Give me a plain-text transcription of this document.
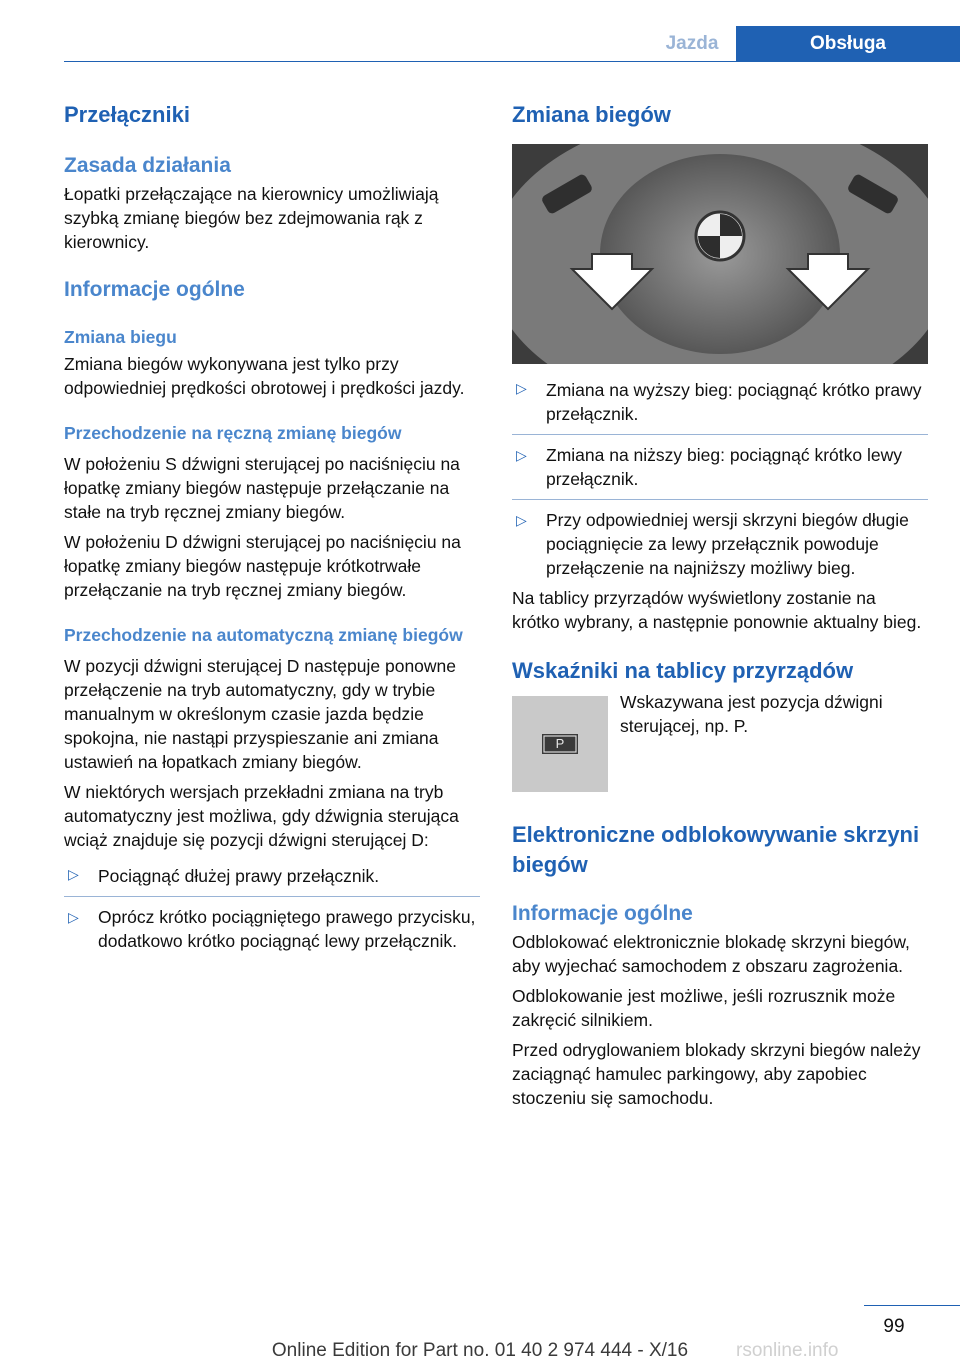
Jazda	Obsługa
Przełączniki
Zasada działania

Łopatki przełączające na kierownicy umożliwiają szybką zmianę biegów bez zdejmowania rąk z kierownicy.

Informacje ogólne
Zmiana biegu

Zmiana biegów wykonywana jest tylko przy odpowiedniej prędkości obrotowej i prędkości jazdy.

Przechodzenie na ręczną zmianę biegów

W położeniu S dźwigni sterującej po naciśnięciu na łopatkę zmiany biegów następuje przełączanie na stałe na tryb ręcznej zmiany biegów.

W położeniu D dźwigni sterującej po naciśnięciu na łopatkę zmiany biegów następuje krótkotrwałe przełączanie na tryb ręcznej zmiany biegów.

Przechodzenie na automatyczną zmianę biegów

W pozycji dźwigni sterującej D następuje ponowne przełączenie na tryb automatyczny, gdy w trybie manualnym w określonym czasie jazda będzie spokojna, nie nastąpi przyspieszanie ani zmiana ustawień na łopatkach zmiany biegów.

W niektórych wersjach przekładni zmiana na tryb automatyczny jest możliwa, gdy dźwignia sterująca wciąż znajduje się pozycji dźwigni sterującej D:

▷ Pociągnąć dłużej prawy przełącznik.
▷ Oprócz krótko pociągniętego prawego przycisku, dodatkowo krótko pociągnąć lewy przełącznik.
Zmiana biegów
▷ Zmiana na wyższy bieg: pociągnąć krótko prawy przełącznik.
▷ Zmiana na niższy bieg: pociągnąć krótko lewy przełącznik.
▷ Przy odpowiedniej wersji skrzyni biegów długie pociągnięcie za lewy przełącznik powoduje przełączenie na najniższy możliwy bieg.

Na tablicy przyrządów wyświetlony zostanie na krótko wybrany, a następnie ponownie aktualny bieg.

Wskaźniki na tablicy przyrządów
P

Wskazywana jest pozycja dźwigni sterującej, np. P.

Elektroniczne odblokowywanie skrzyni biegów
Informacje ogólne

Odblokować elektronicznie blokadę skrzyni biegów, aby wyjechać samochodem z obszaru zagrożenia.

Odblokowanie jest możliwe, jeśli rozrusznik może zakręcić silnikiem.

Przed odryglowaniem blokady skrzyni biegów należy zaciągnąć hamulec parkingowy, aby zapobiec stoczeniu się samochodu.

99
Online Edition for Part no. 01 40 2 974 444 - X/16	rsonline.info
